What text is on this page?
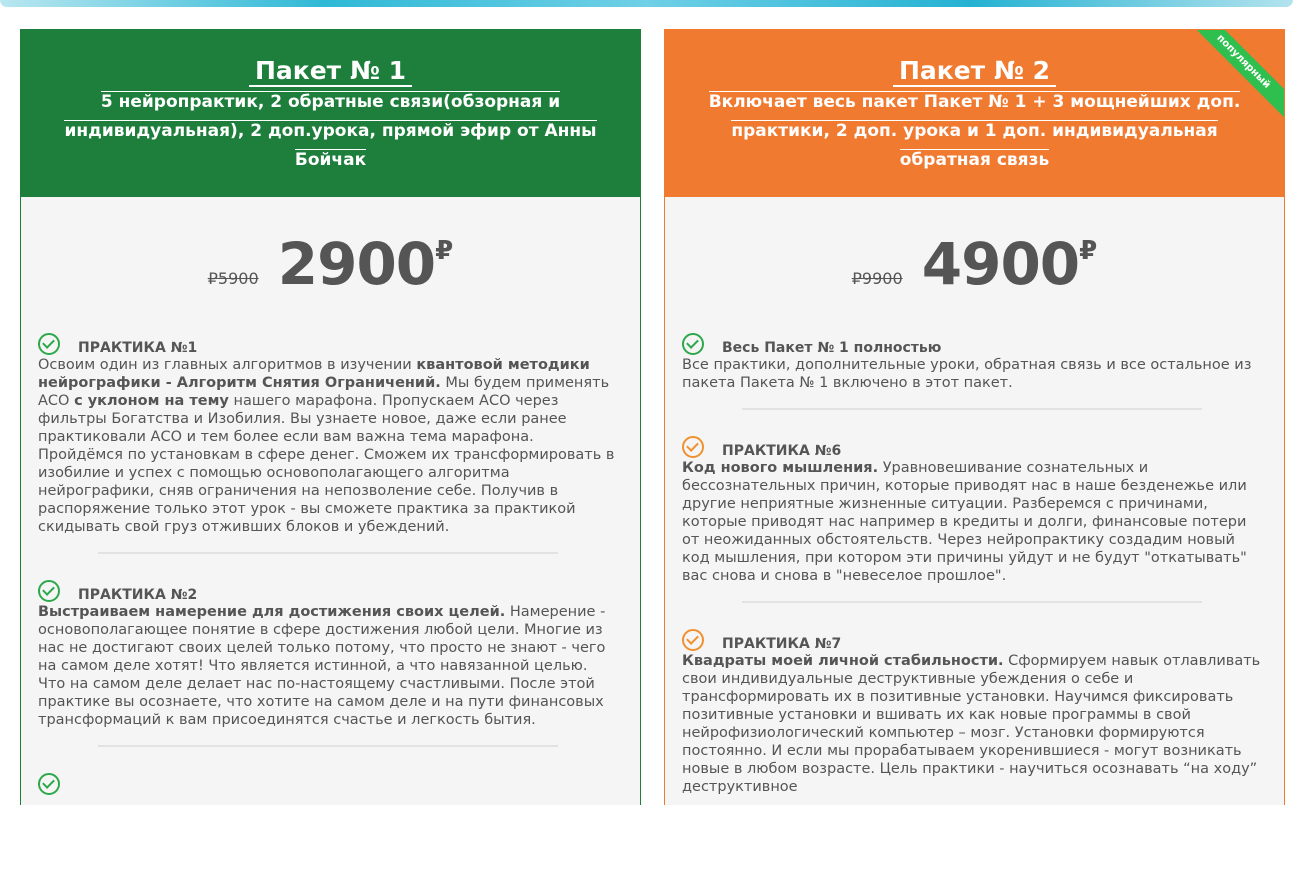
Пакет № 1
5 нейропрактик, 2 обратные связи(обзорная и индивидуальная), 2 доп.урока, прямой эфир от Анны Бойчак
₽5900 2900₽
ПРАКТИКА №1
Освоим один из главных алгоритмов в изучении квантовой методики нейрографики - Алгоритм Снятия Ограничений. Мы будем применять АСО с уклоном на тему нашего марафона. Пропускаем АСО через фильтры Богатства и Изобилия. Вы узнаете новое, даже если ранее практиковали АСО и тем более если вам важна тема марафона. Пройдёмся по установкам в сфере денег. Сможем их трансформировать в изобилие и успех с помощью основополагающего алгоритма нейрографики, сняв ограничения на непозволение себе. Получив в распоряжение только этот урок - вы сможете практика за практикой скидывать свой груз отживших блоков и убеждений.
ПРАКТИКА №2
Выстраиваем намерение для достижения своих целей. Намерение - основополагающее понятие в сфере достижения любой цели. Многие из нас не достигают своих целей только потому, что просто не знают - чего на самом деле хотят! Что является истинной, а что навязанной целью. Что на самом деле делает нас по-настоящему счастливыми. После этой практике вы осознаете, что хотите на самом деле и на пути финансовых трансформаций к вам присоединятся счастье и легкость бытия.
Пакет № 2
Включает весь пакет Пакет № 1 + 3 мощнейших доп. практики, 2 доп. урока и 1 доп. индивидуальная обратная связь
популярный
₽9900 4900₽
Весь Пакет № 1 полностью
Все практики, дополнительные уроки, обратная связь и все остальное из пакета Пакета № 1 включено в этот пакет.
ПРАКТИКА №6
Код нового мышления. Уравновешивание сознательных и бессознательных причин, которые приводят нас в наше безденежье или другие неприятные жизненные ситуации. Разберемся с причинами, которые приводят нас например в кредиты и долги, финансовые потери от неожиданных обстоятельств. Через нейропрактику создадим новый код мышления, при котором эти причины уйдут и не будут "откатывать" вас снова и снова в "невеселое прошлое".
ПРАКТИКА №7
Квадраты моей личной стабильности. Сформируем навык отлавливать свои индивидуальные деструктивные убеждения о себе и трансформировать их в позитивные установки. Научимся фиксировать позитивные установки и вшивать их как новые программы в свой нейрофизиологический компьютер – мозг. Установки формируются постоянно. И если мы прорабатываем укоренившиеся - могут возникать новые в любом возрасте. Цель практики - научиться осознавать “на ходу” деструктивное
